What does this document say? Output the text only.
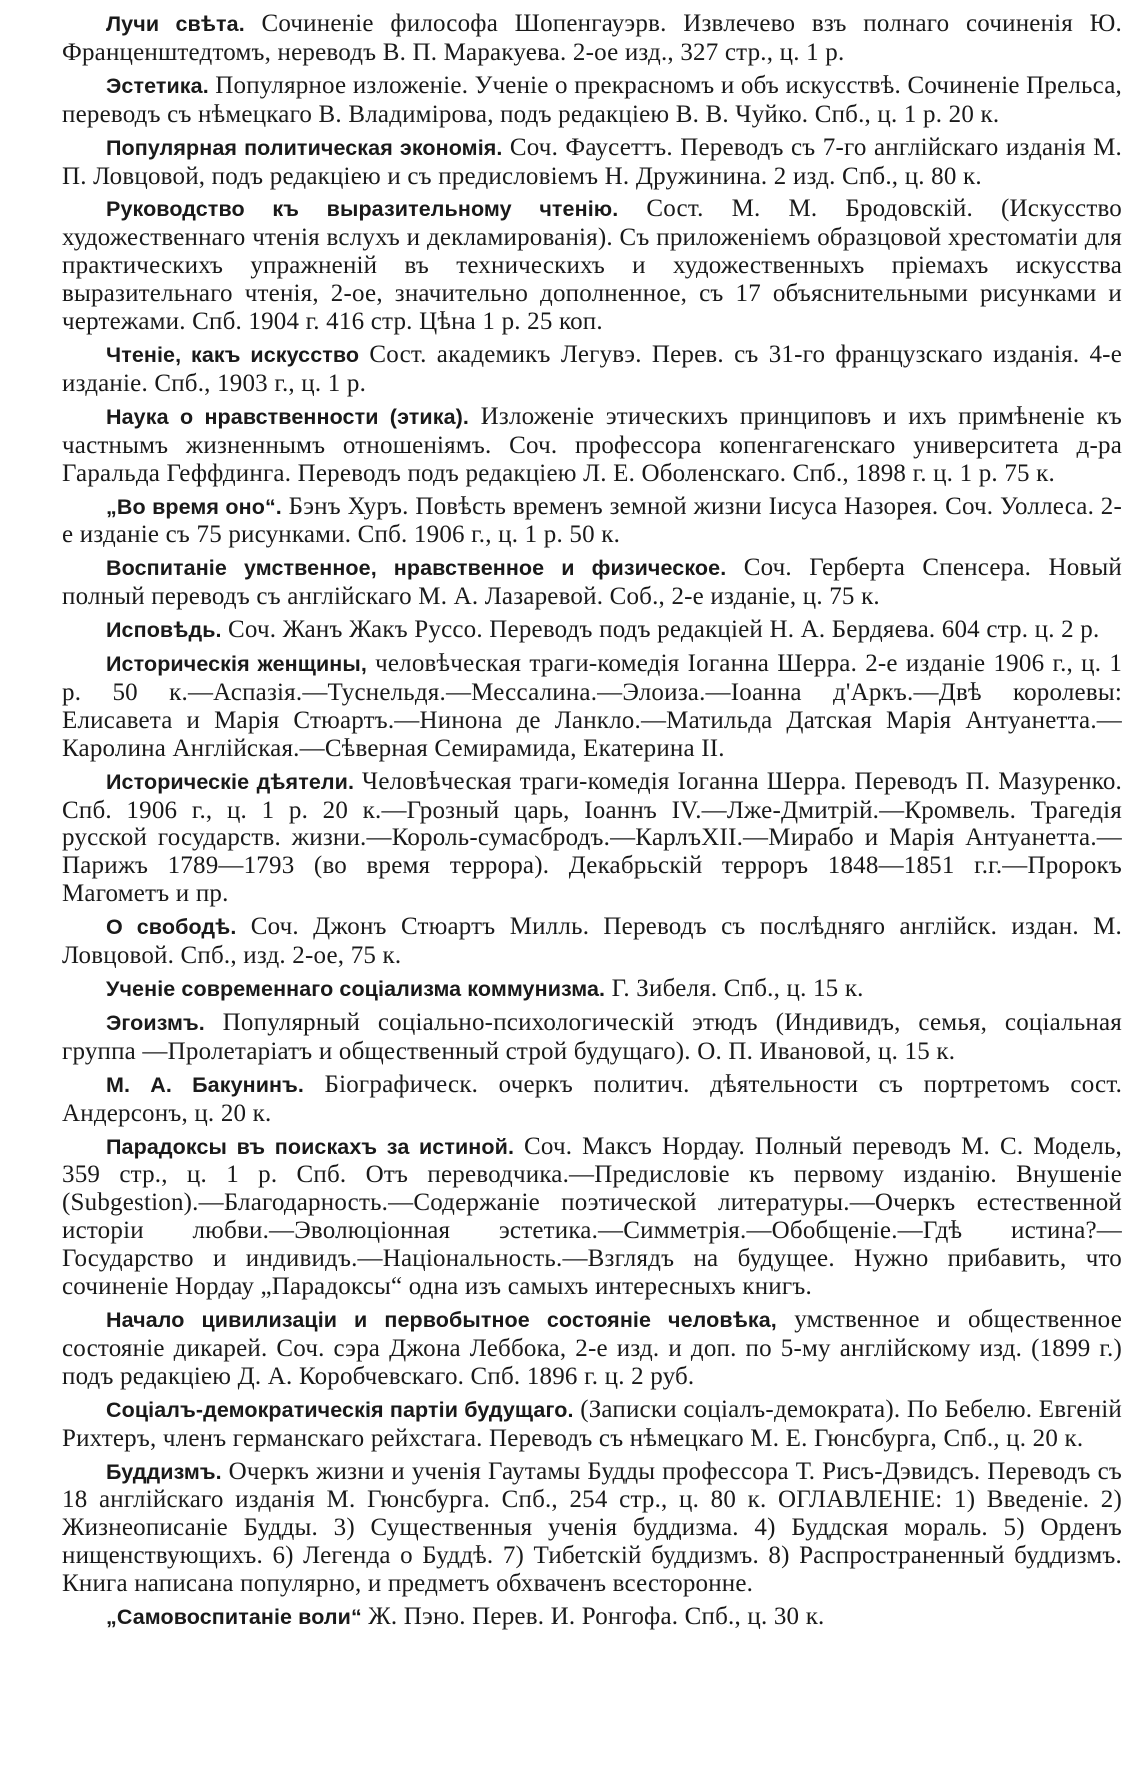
Лучи свѣта. Сочиненіе философа Шопенгауэрв. Извлечево взъ полнаго сочиненія Ю. Франценштедтомъ, нереводъ В. П. Маракуева. 2-ое изд., 327 стр., ц. 1 р.

Эстетика. Популярное изложеніе. Ученіе о прекрасномъ и объ искусствѣ. Сочиненіе Прельса, переводъ съ нѣмецкаго В. Владимірова, подъ редакціею В. В. Чуйко. Спб., ц. 1 р. 20 к.

Популярная политическая экономія. Соч. Фаусеттъ. Переводъ съ 7-го англійскаго изданія М. П. Ловцовой, подъ редакціею и съ предисловіемъ Н. Дружинина. 2 изд. Спб., ц. 80 к.

Руководство къ выразительному чтенію. Сост. М. М. Бродовскій. (Искусство художественнаго чтенія вслухъ и декламированія). Съ приложеніемъ образцовой хрестоматіи для практическихъ упражненій въ техническихъ и художественныхъ пріемахъ искусства выразительнаго чтенія, 2-ое, значительно дополненное, съ 17 объяснительными рисунками и чертежами. Спб. 1904 г. 416 стр. Цѣна 1 р. 25 коп.

Чтеніе, какъ искусство Сост. академикъ Легувэ. Перев. съ 31-го французскаго изданія. 4-е изданіе. Спб., 1903 г., ц. 1 р.

Наука о нравственности (этика). Изложеніе этическихъ принциповъ и ихъ примѣненіе къ частнымъ жизненнымъ отношеніямъ. Соч. профессора копенгагенскаго университета д-ра Гаральда Геффдинга. Переводъ подъ редакціею Л. Е. Оболенскаго. Спб., 1898 г. ц. 1 р. 75 к.

„Во время оно“. Бэнъ Хуръ. Повѣсть временъ земной жизни Іисуса Назорея. Соч. Уоллеса. 2-е изданіе съ 75 рисунками. Спб. 1906 г., ц. 1 р. 50 к.

Воспитаніе умственное, нравственное и физическое. Соч. Герберта Спенсера. Новый полный переводъ съ англійскаго М. А. Лазаревой. Соб., 2-е изданіе, ц. 75 к.

Исповѣдь. Соч. Жанъ Жакъ Руссо. Переводъ подъ редакціей Н. А. Бердяева. 604 стр. ц. 2 р.

Историческія женщины, человѣческая траги-комедія Іоганна Шерра. 2-е изданіе 1906 г., ц. 1 р. 50 к.—Аспазія.—Туснельдя.—Мессалина.—Элоиза.—Іоанна д'Аркъ.—Двѣ королевы: Елисавета и Марія Стюартъ.—Нинона де Ланкло.—Матильда Датская Марія Антуанетта.—Каролина Англійская.—Сѣверная Семирамида, Екатерина II.

Историческіе дѣятели. Человѣческая траги-комедія Іоганна Шерра. Переводъ П. Мазуренко. Спб. 1906 г., ц. 1 р. 20 к.—Грозный царь, Іоаннъ IV.—Лже-Дмитрій.—Кромвель. Трагедія русской государств. жизни.—Король-сумасбродъ.—КарлъXII.—Мирабо и Марія Антуанетта.—Парижъ 1789—1793 (во время террора). Декабрьскій терроръ 1848—1851 г.г.—Пророкъ Магометъ и пр.

О свободѣ. Соч. Джонъ Стюартъ Милль. Переводъ съ послѣдняго англійск. издан. М. Ловцовой. Спб., изд. 2-ое, 75 к.

Ученіе современнаго соціализма коммунизма. Г. Зибеля. Спб., ц. 15 к.

Эгоизмъ. Популярный соціально-психологическій этюдъ (Индивидъ, семья, соціальная группа —Пролетаріатъ и общественный строй будущаго). О. П. Ивановой, ц. 15 к.

М. А. Бакунинъ. Біографическ. очеркъ политич. дѣятельности съ портретомъ сост. Андерсонъ, ц. 20 к.

Парадоксы въ поискахъ за истиной. Соч. Максъ Нордау. Полный переводъ М. С. Модель, 359 стр., ц. 1 р. Спб. Отъ переводчика.—Предисловіе къ первому изданію. Внушеніе (Subgestion).—Благодарность.—Содержаніе поэтической литературы.—Очеркъ естественной исторіи любви.—Эволюціонная эстетика.—Симметрія.—Обобщеніе.—Гдѣ истина?—Государство и индивидъ.—Національность.—Взглядъ на будущее. Нужно прибавить, что сочиненіе Нордау „Парадоксы“ одна изъ самыхъ интересныхъ книгъ.

Начало цивилизаціи и первобытное состояніе человѣка, умственное и общественное состояніе дикарей. Соч. сэра Джона Леббока, 2-е изд. и доп. по 5-му англійскому изд. (1899 г.) подъ редакціею Д. А. Коробчевскаго. Спб. 1896 г. ц. 2 руб.

Соціалъ-демократическія партіи будущаго. (Записки соціалъ-демократа). По Бебелю. Евгеній Рихтеръ, членъ германскаго рейхстага. Переводъ съ нѣмецкаго М. Е. Гюнсбурга, Спб., ц. 20 к.

Буддизмъ. Очеркъ жизни и ученія Гаутамы Будды профессора Т. Рисъ-Дэвидсъ. Переводъ съ 18 англійскаго изданія М. Гюнсбурга. Спб., 254 стр., ц. 80 к. ОГЛАВЛЕНІЕ: 1) Введеніе. 2) Жизнеописаніе Будды. 3) Существенныя ученія буддизма. 4) Буддская мораль. 5) Орденъ нищенствующихъ. 6) Легенда о Буддѣ. 7) Тибетскій буддизмъ. 8) Распространенный буддизмъ. Книга написана популярно, и предметъ обхваченъ всесторонне.

„Самовоспитаніе воли“ Ж. Пэно. Перев. И. Ронгофа. Спб., ц. 30 к.
